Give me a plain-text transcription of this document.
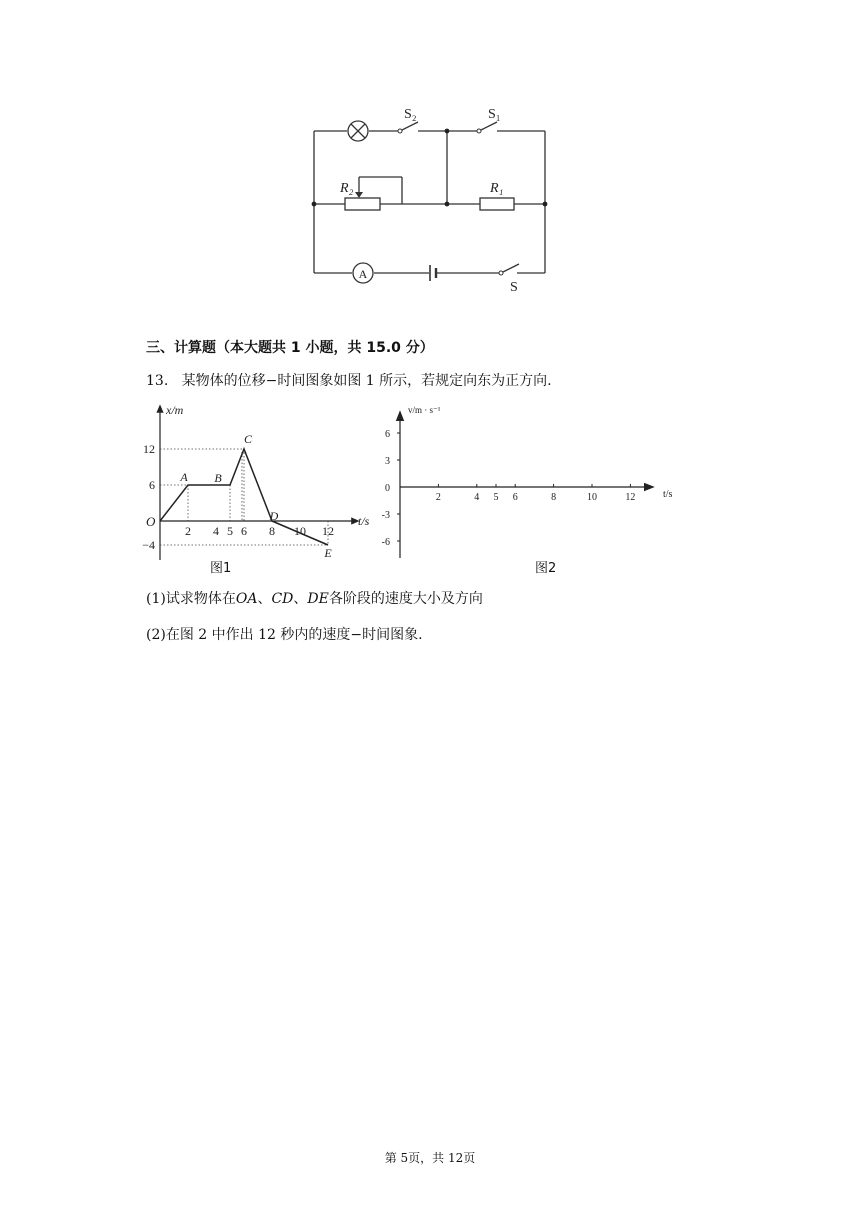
A
S₂	S₁
R₂	R₁
S
三、计算题（本大题共 1 小题，共 15.0 分）
13. 某物体的位移−时间图象如图 1 所示，若规定向东为正方向.
12
6
−4
2 4 5 6 8 10 12
A B
C
D
E
x/m
t/s
O
图1
6
3
0
-3
-6
2	4 5 6	8	10	12
v/m · s⁻¹
t/s
图2
(1)试求物体在OA、CD、DE各阶段的速度大小及方向
(2)在图 2 中作出 12 秒内的速度−时间图象.
第 5页，共 12页
